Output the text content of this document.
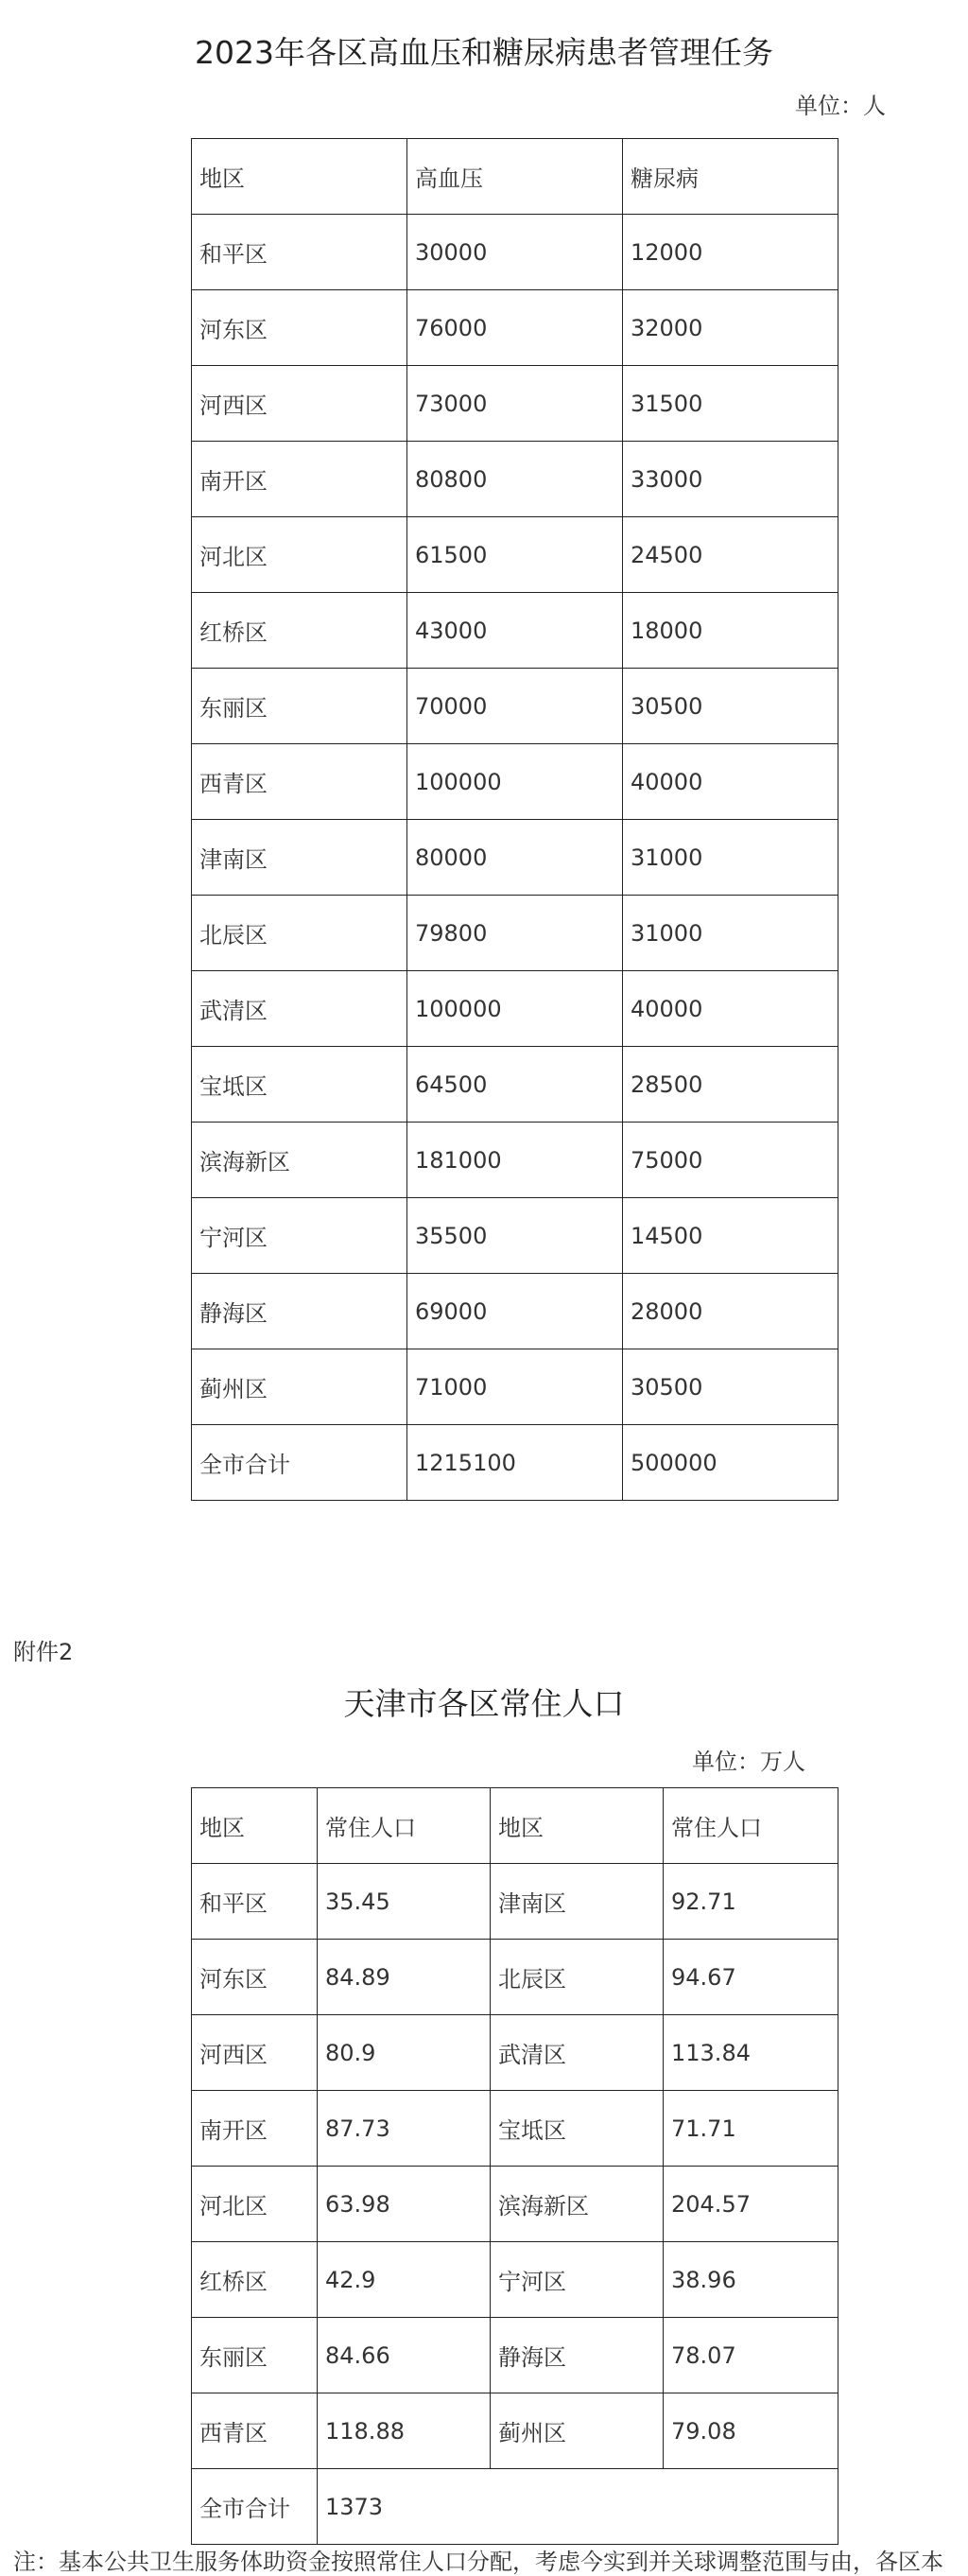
2023年各区高血压和糖尿病患者管理任务
单位：人
地区	高血压	糖尿病
和平区	30000	12000
河东区	76000	32000
河西区	73000	31500
南开区	80800	33000
河北区	61500	24500
红桥区	43000	18000
东丽区	70000	30500
西青区	100000	40000
津南区	80000	31000
北辰区	79800	31000
武清区	100000	40000
宝坻区	64500	28500
滨海新区	181000	75000
宁河区	35500	14500
静海区	69000	28000
蓟州区	71000	30500
全市合计	1215100	500000
附件2
天津市各区常住人口
单位：万人
地区	常住人口	地区	常住人口
和平区	35.45	津南区	92.71
河东区	84.89	北辰区	94.67
河西区	80.9	武清区	113.84
南开区	87.73	宝坻区	71.71
河北区	63.98	滨海新区	204.57
红桥区	42.9	宁河区	38.96
东丽区	84.66	静海区	78.07
西青区	118.88	蓟州区	79.08
全市合计	1373		
注：基本公共卫生服务体助资金按照常住人口分配，考虑今实到并关球调整范围与由，各区本
